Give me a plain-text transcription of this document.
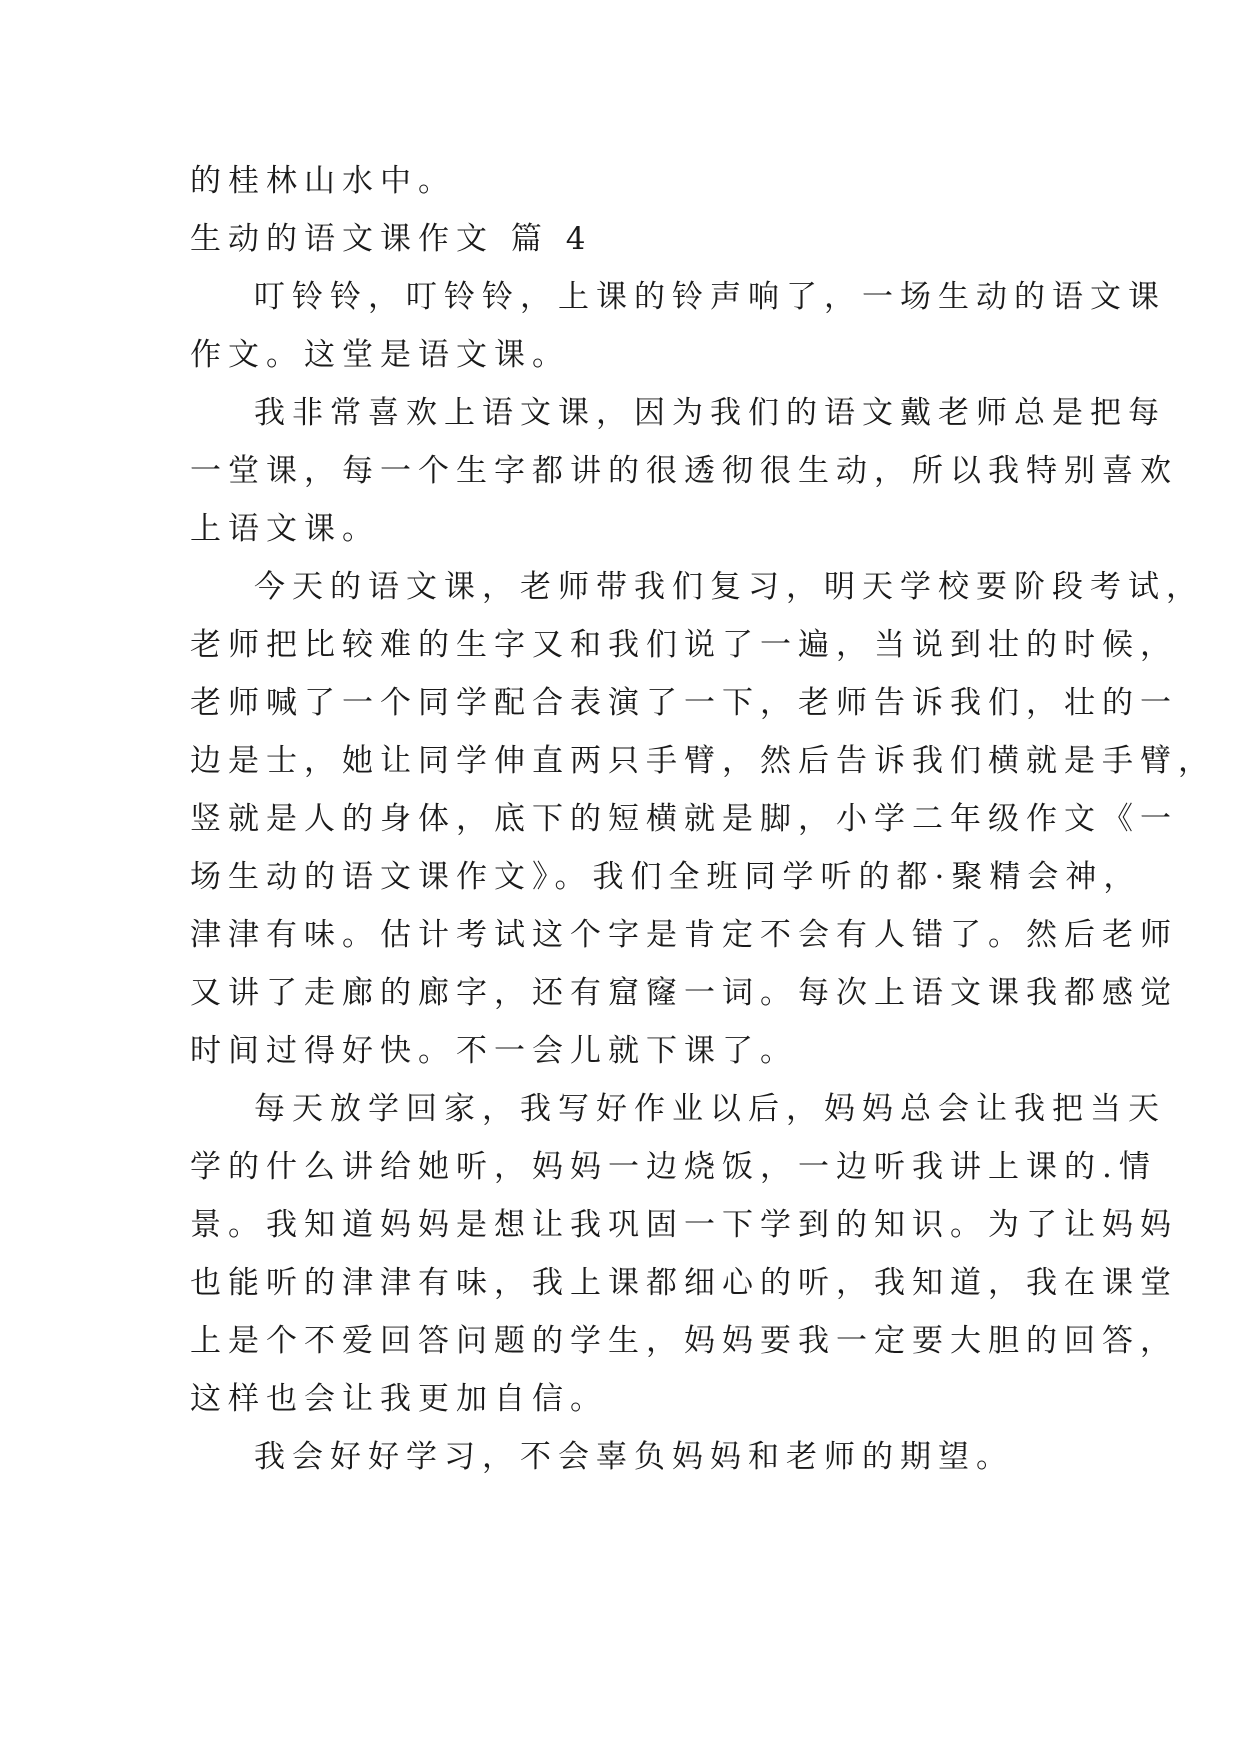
的桂林山水中。
生动的语文课作文 篇 4
叮铃铃，叮铃铃，上课的铃声响了，一场生动的语文课
作文。这堂是语文课。
我非常喜欢上语文课，因为我们的语文戴老师总是把每
一堂课，每一个生字都讲的很透彻很生动，所以我特别喜欢
上语文课。
今天的语文课，老师带我们复习，明天学校要阶段考试，
老师把比较难的生字又和我们说了一遍，当说到壮的时候，
老师喊了一个同学配合表演了一下，老师告诉我们，壮的一
边是士，她让同学伸直两只手臂，然后告诉我们横就是手臂，
竖就是人的身体，底下的短横就是脚，小学二年级作文《一
场生动的语文课作文》。我们全班同学听的都·聚精会神，
津津有味。估计考试这个字是肯定不会有人错了。然后老师
又讲了走廊的廊字，还有窟窿一词。每次上语文课我都感觉
时间过得好快。不一会儿就下课了。
每天放学回家，我写好作业以后，妈妈总会让我把当天
学的什么讲给她听，妈妈一边烧饭，一边听我讲上课的.情
景。我知道妈妈是想让我巩固一下学到的知识。为了让妈妈
也能听的津津有味，我上课都细心的听，我知道，我在课堂
上是个不爱回答问题的学生，妈妈要我一定要大胆的回答，
这样也会让我更加自信。
我会好好学习，不会辜负妈妈和老师的期望。
